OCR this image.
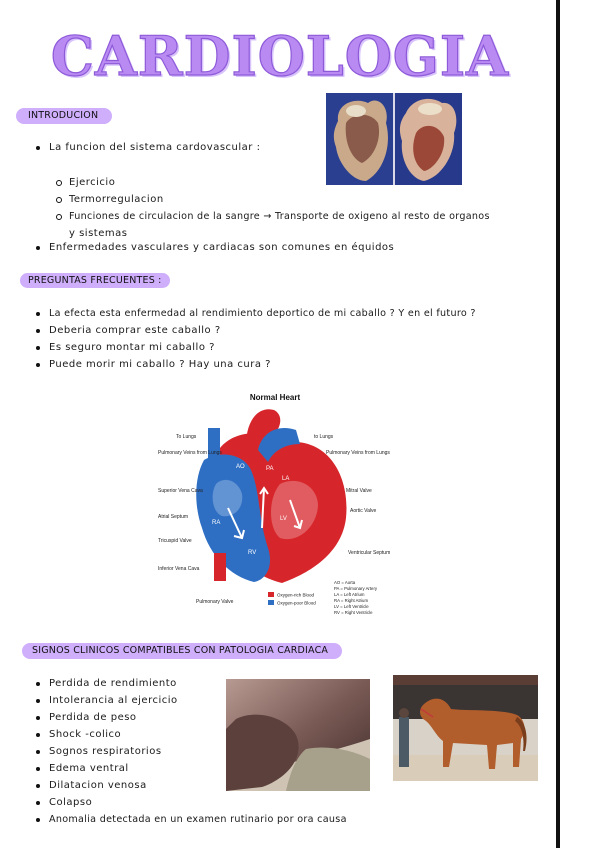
CARDIOLOGIA
INTRODUCION
La funcion del sistema cardovascular :
Ejercicio
Termorregulacion
Funciones de circulacion de la sangre → Transporte de oxigeno al resto de organos
y sistemas
Enfermedades vasculares y cardiacas son comunes en équidos
PREGUNTAS FRECUENTES :
La efecta esta enfermedad al rendimiento deportico de mi caballo ? Y en el futuro ?
Deberia comprar este caballo ?
Es seguro montar mi caballo ?
Puede morir mi caballo ? Hay una cura ?
Normal Heart
AO	PA
LA
RA
LV
RV
To Lungs
Pulmonary Veins from Lungs
Superior Vena Cava
Atrial Septum
Tricuspid Valve
Inferior Vena Cava
Pulmonary Valve
to Lungs
Pulmonary Veins from Lungs
Mitral Valve
Aortic Valve
Ventricular Septum
Oxygen-rich Blood
Oxygen-poor Blood
AO = Aorta
PA = Pulmonary Artery
LA = Left Atrium
RA = Right Atrium
LV = Left Ventricle
RV = Right Ventricle
SIGNOS CLINICOS COMPATIBLES CON PATOLOGIA CARDIACA
Perdida de rendimiento
Intolerancia al ejercicio
Perdida de peso
Shock -colico
Sognos respiratorios
Edema ventral
Dilatacion venosa
Colapso
Anomalia detectada en un examen rutinario por ora causa
